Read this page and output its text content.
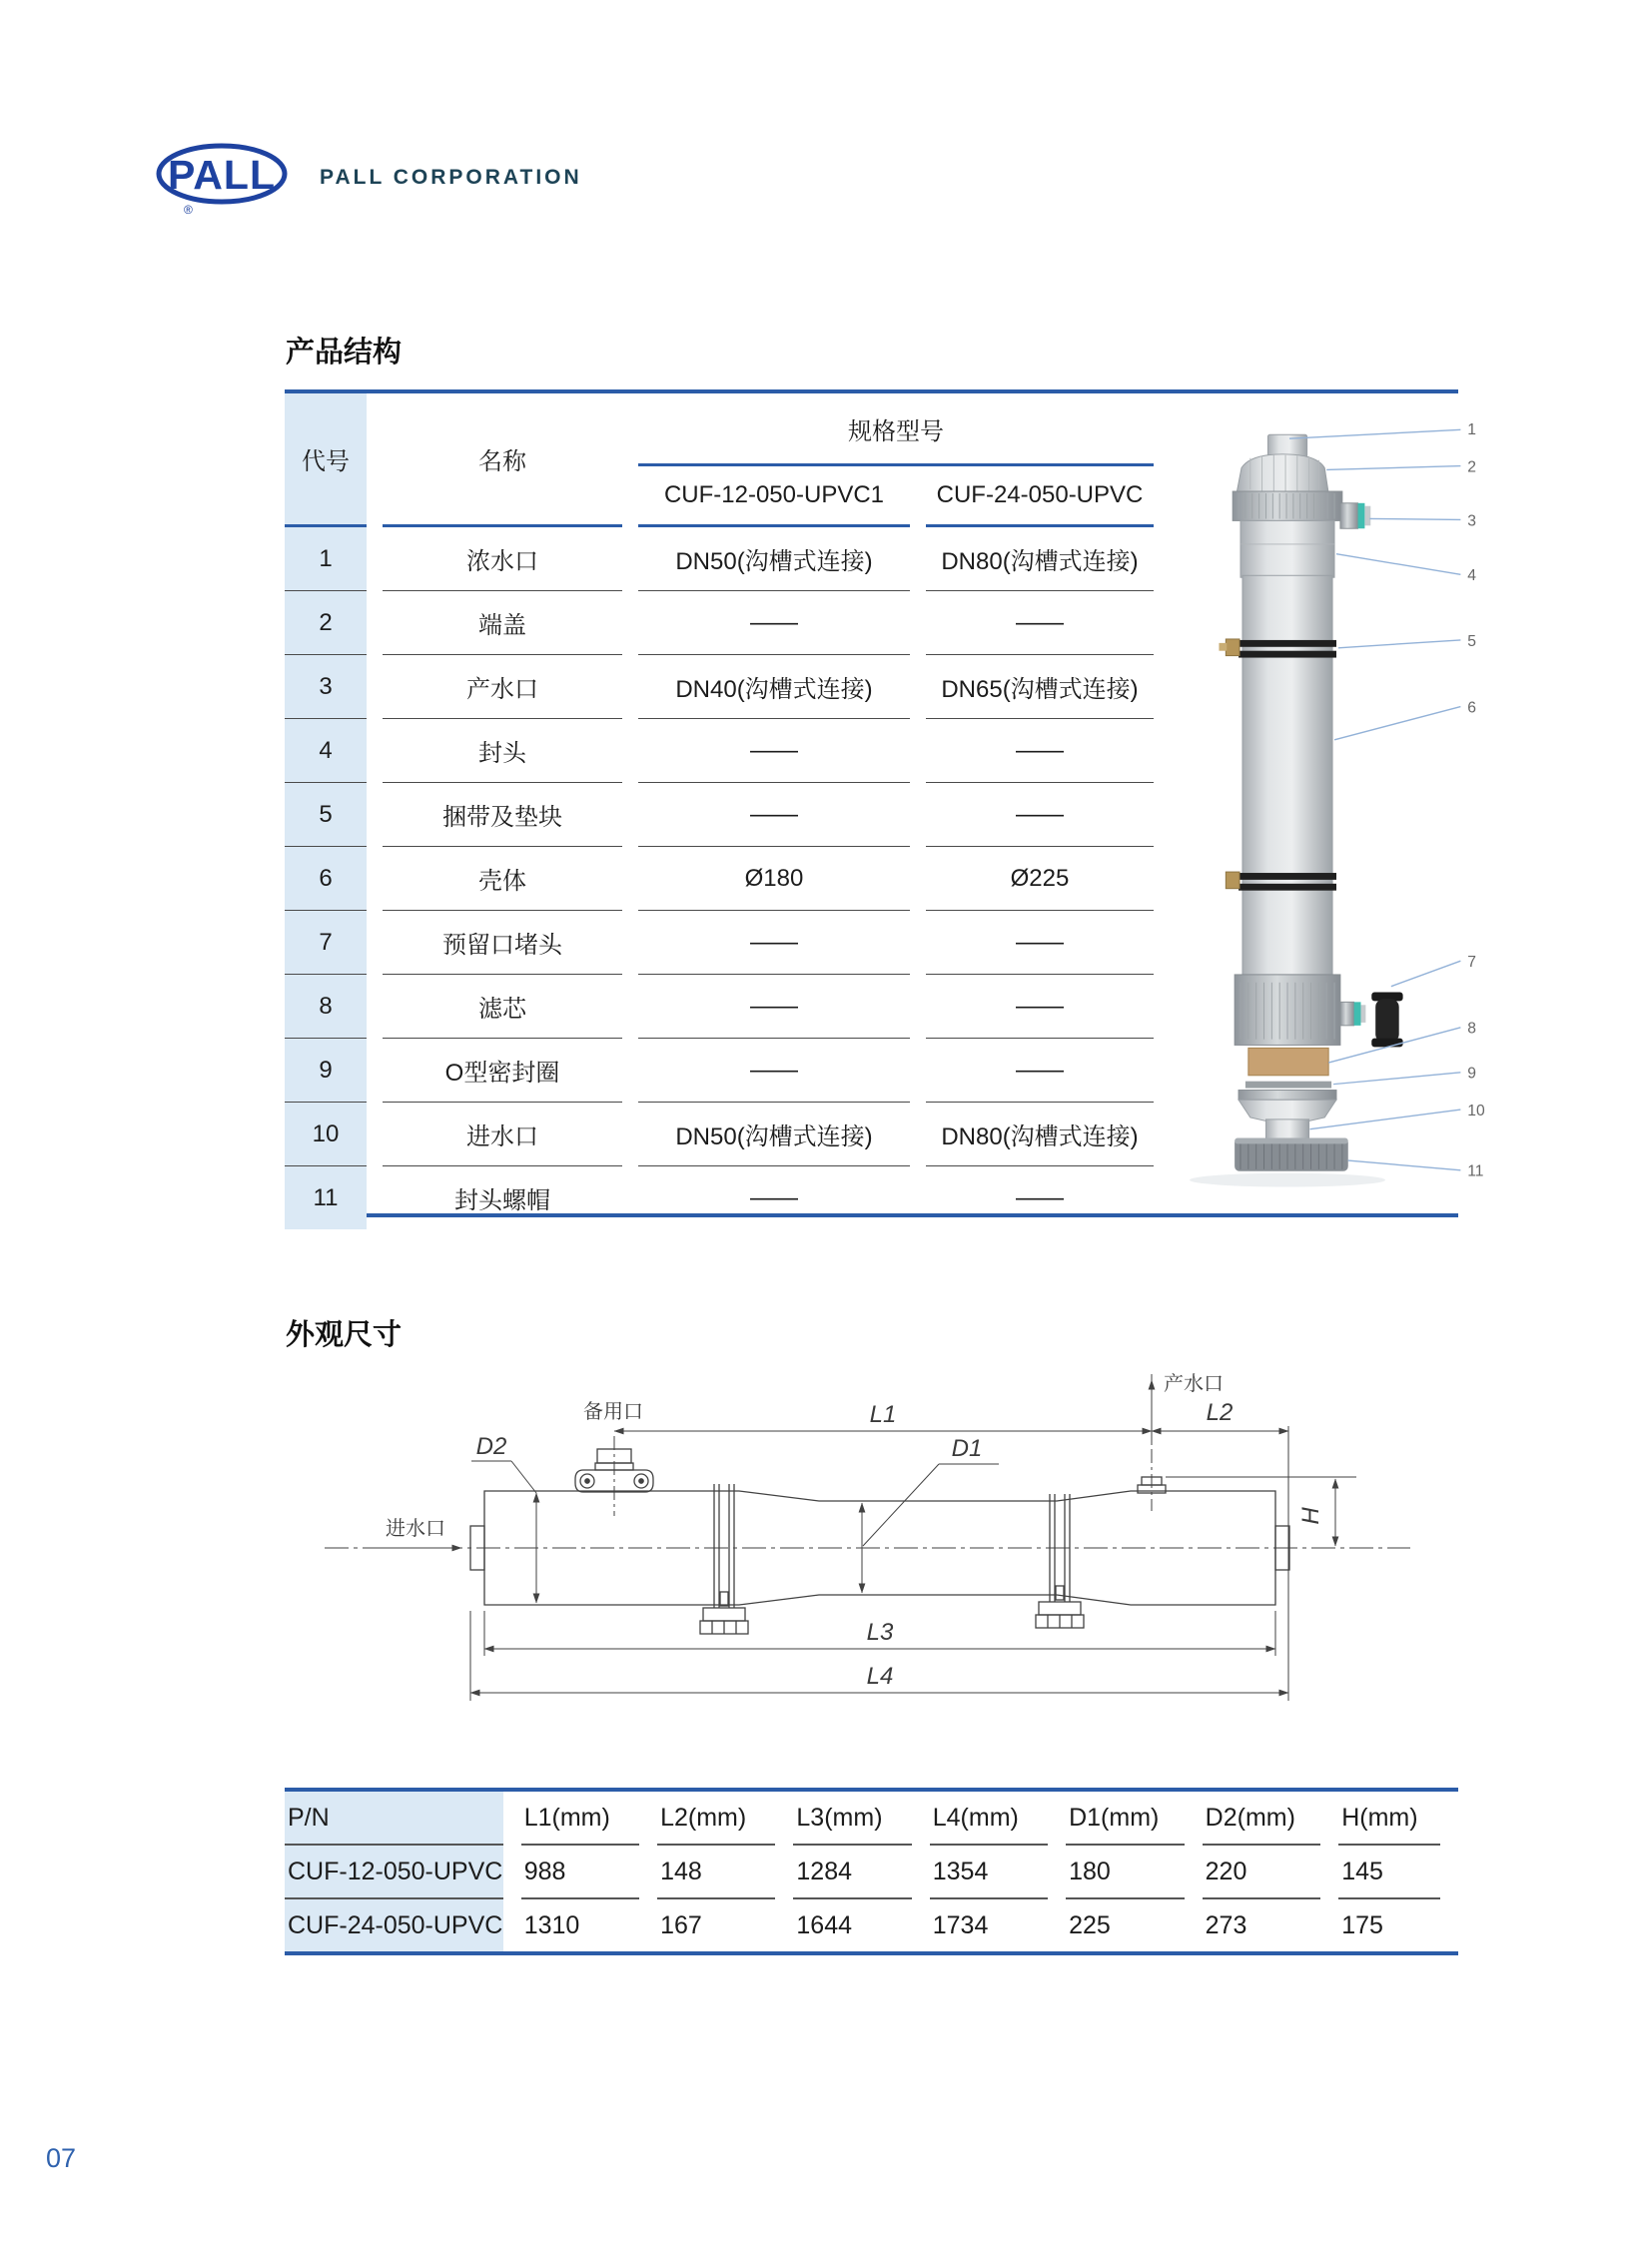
PALL
®
PALL CORPORATION
产品结构
代号	名称	规格型号	
		CUF-12-050-UPVC1	CUF-24-050-UPVC
1	浓水口	DN50(沟槽式连接)	DN80(沟槽式连接)
2	端盖	——	——
3	产水口	DN40(沟槽式连接)	DN65(沟槽式连接)
4	封头	——	——
5	捆带及垫块	——	——
6	壳体	Ø180	Ø225
7	预留口堵头	——	——
8	滤芯	——	——
9	O型密封圈	——	——
10	进水口	DN50(沟槽式连接)	DN80(沟槽式连接)
11	封头螺帽	——	——
1
2
3
4
5
6
7
8
9
10
11
外观尺寸
备用口
产水口
进水口
L1	L2
L3
L4
D1
D2
H
P/N	L1(mm)	L2(mm)	L3(mm)	L4(mm)	D1(mm)	D2(mm)	H(mm)
CUF-12-050-UPVC	988	148	1284	1354	180	220	145
CUF-24-050-UPVC	1310	167	1644	1734	225	273	175
07
